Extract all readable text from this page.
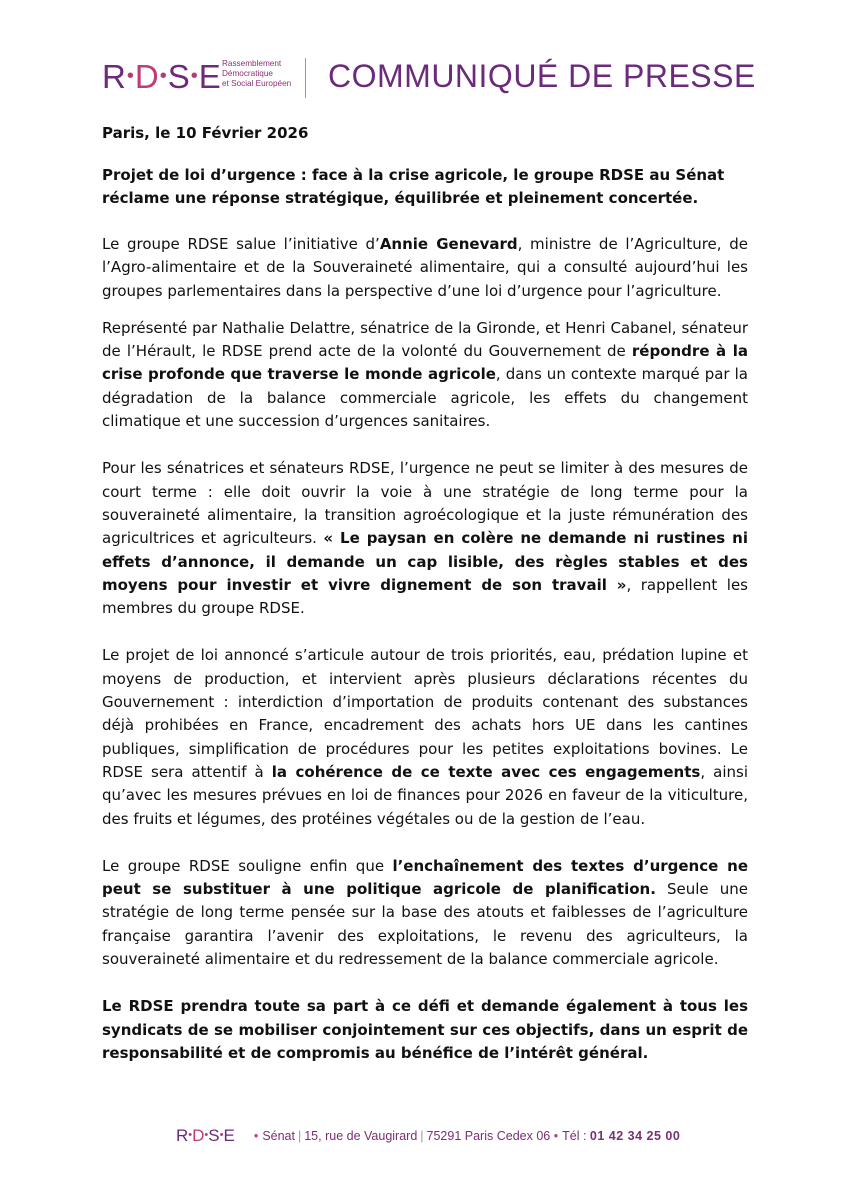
R•D•S•E Rassemblement
Démocratique
et Social Européen COMMUNIQUÉ DE PRESSE
Paris, le 10 Février 2026
Projet de loi d’urgence : face à la crise agricole, le groupe RDSE au Sénat réclame une réponse stratégique, équilibrée et pleinement concertée.

Le groupe RDSE salue l’initiative d’Annie Genevard, ministre de l’Agriculture, de l’Agro-alimentaire et de la Souveraineté alimentaire, qui a consulté aujourd’hui les groupes parlementaires dans la perspective d’une loi d’urgence pour l’agriculture.

Représenté par Nathalie Delattre, sénatrice de la Gironde, et Henri Cabanel, sénateur de l’Hérault, le RDSE prend acte de la volonté du Gouvernement de répondre à la crise profonde que traverse le monde agricole, dans un contexte marqué par la dégradation de la balance commerciale agricole, les effets du changement climatique et une succession d’urgences sanitaires.

Pour les sénatrices et sénateurs RDSE, l’urgence ne peut se limiter à des mesures de court terme : elle doit ouvrir la voie à une stratégie de long terme pour la souveraineté alimentaire, la transition agroécologique et la juste rémunération des agricultrices et agriculteurs. « Le paysan en colère ne demande ni rustines ni effets d’annonce, il demande un cap lisible, des règles stables et des moyens pour investir et vivre dignement de son travail », rappellent les membres du groupe RDSE.

Le projet de loi annoncé s’articule autour de trois priorités, eau, prédation lupine et moyens de production, et intervient après plusieurs déclarations récentes du Gouvernement : interdiction d’importation de produits contenant des substances déjà prohibées en France, encadrement des achats hors UE dans les cantines publiques, simplification de procédures pour les petites exploitations bovines. Le RDSE sera attentif à la cohérence de ce texte avec ces engagements, ainsi qu’avec les mesures prévues en loi de finances pour 2026 en faveur de la viticulture, des fruits et légumes, des protéines végétales ou de la gestion de l’eau.

Le groupe RDSE souligne enfin que l’enchaînement des textes d’urgence ne peut se substituer à une politique agricole de planification. Seule une stratégie de long terme pensée sur la base des atouts et faiblesses de l’agriculture française garantira l’avenir des exploitations, le revenu des agriculteurs, la souveraineté alimentaire et du redressement de la balance commerciale agricole.

Le RDSE prendra toute sa part à ce défi et demande également à tous les syndicats de se mobiliser conjointement sur ces objectifs, dans un esprit de responsabilité et de compromis au bénéfice de l’intérêt général.

R•D•S•E • Sénat | 15, rue de Vaugirard | 75291 Paris Cedex 06 • Tél : 01 42 34 25 00
